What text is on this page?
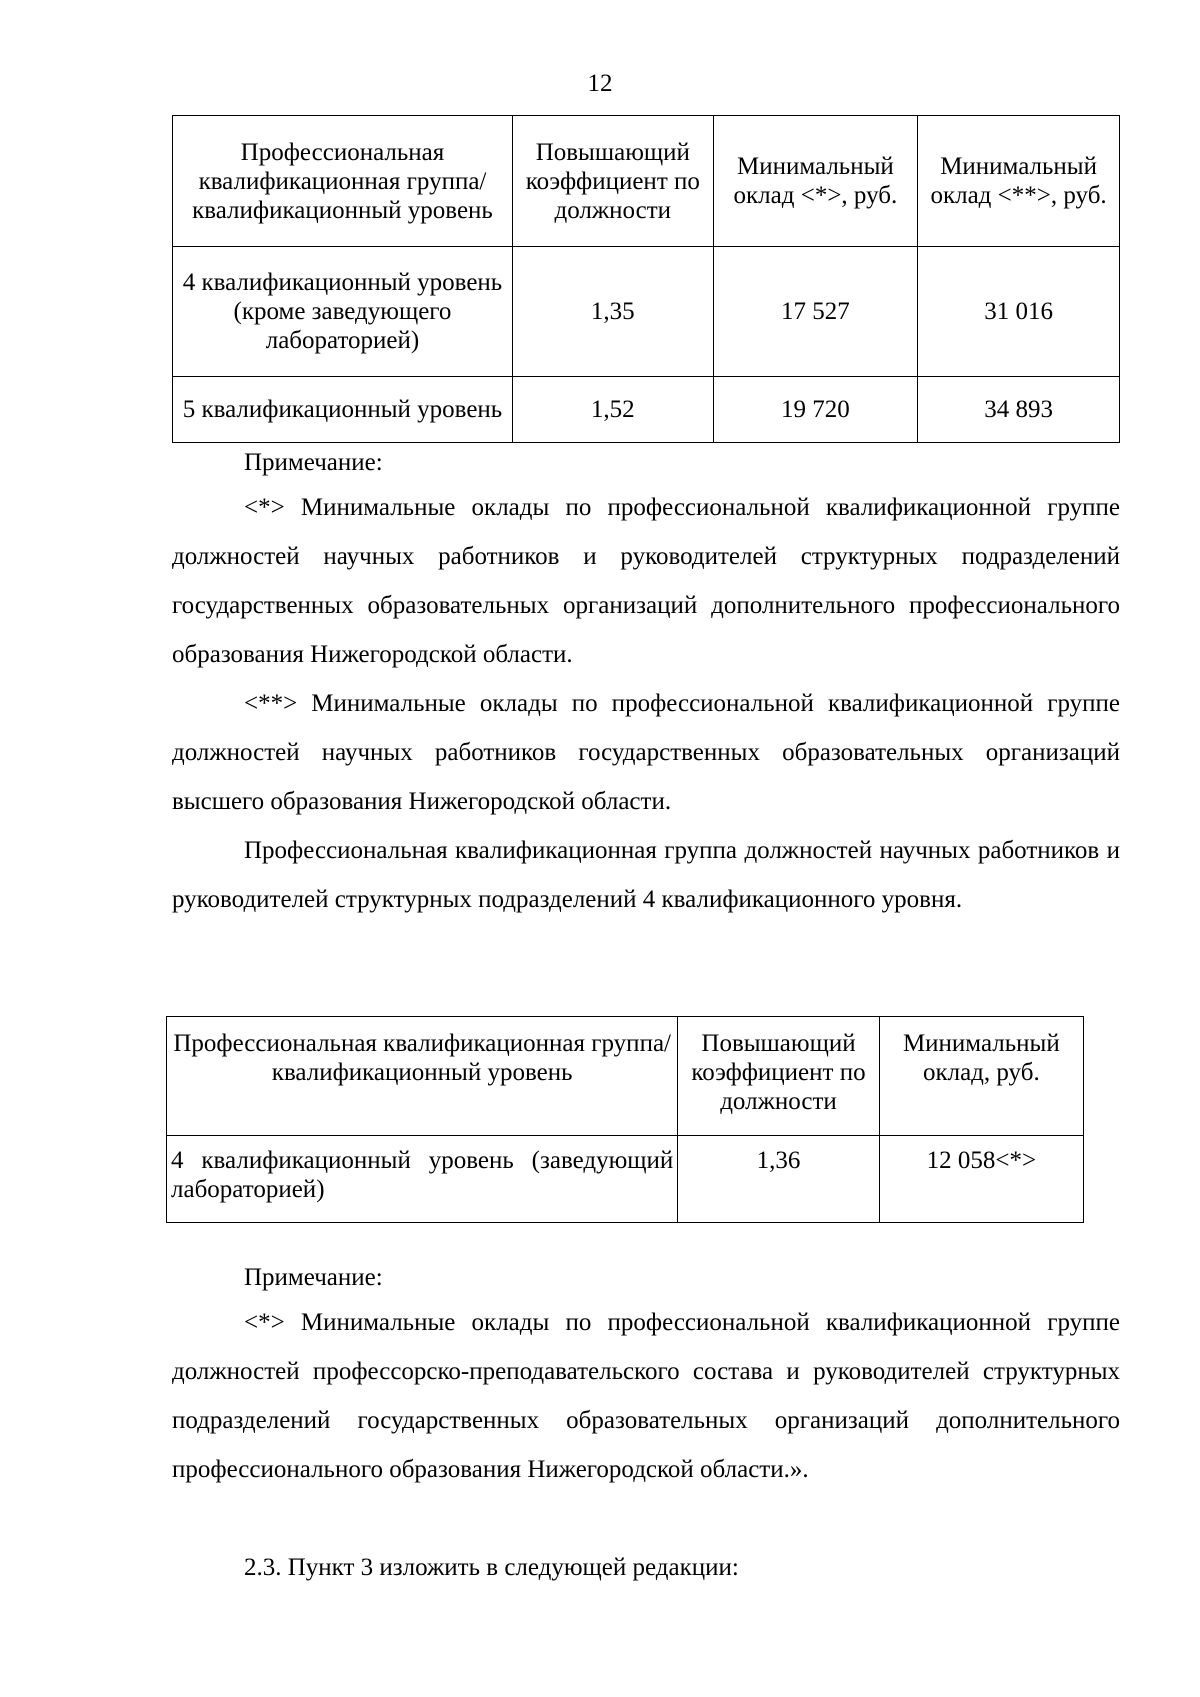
12
Профессиональная квалификационная группа/квалификационный уровень	Повышающий коэффициент по должности	Минимальный оклад <*>, руб.	Минимальный оклад <**>, руб.
4 квалификационный уровень (кроме заведующего лабораторией)	1,35	17 527	31 016
5 квалификационный уровень	1,52	19 720	34 893

Примечание:

<*> Минимальные оклады по профессиональной квалификационной группе должностей научных работников и руководителей структурных подразделений государственных образовательных организаций дополнительного профессионального образования Нижегородской области.

<**> Минимальные оклады по профессиональной квалификационной группе должностей научных работников государственных образовательных организаций высшего образования Нижегородской области.

Профессиональная квалификационная группа должностей научных работников и руководителей структурных подразделений 4 квалификационного уровня.

Профессиональная квалификационная группа/квалификационный уровень	Повышающий коэффициент по должности	Минимальный оклад, руб.
4 квалификационный уровень (заведующий лабораторией)	1,36	12 058<*>

Примечание:

<*> Минимальные оклады по профессиональной квалификационной группе должностей профессорско-преподавательского состава и руководителей структурных подразделений государственных образовательных организаций дополнительного профессионального образования Нижегородской области.».

2.3. Пункт 3 изложить в следующей редакции:
